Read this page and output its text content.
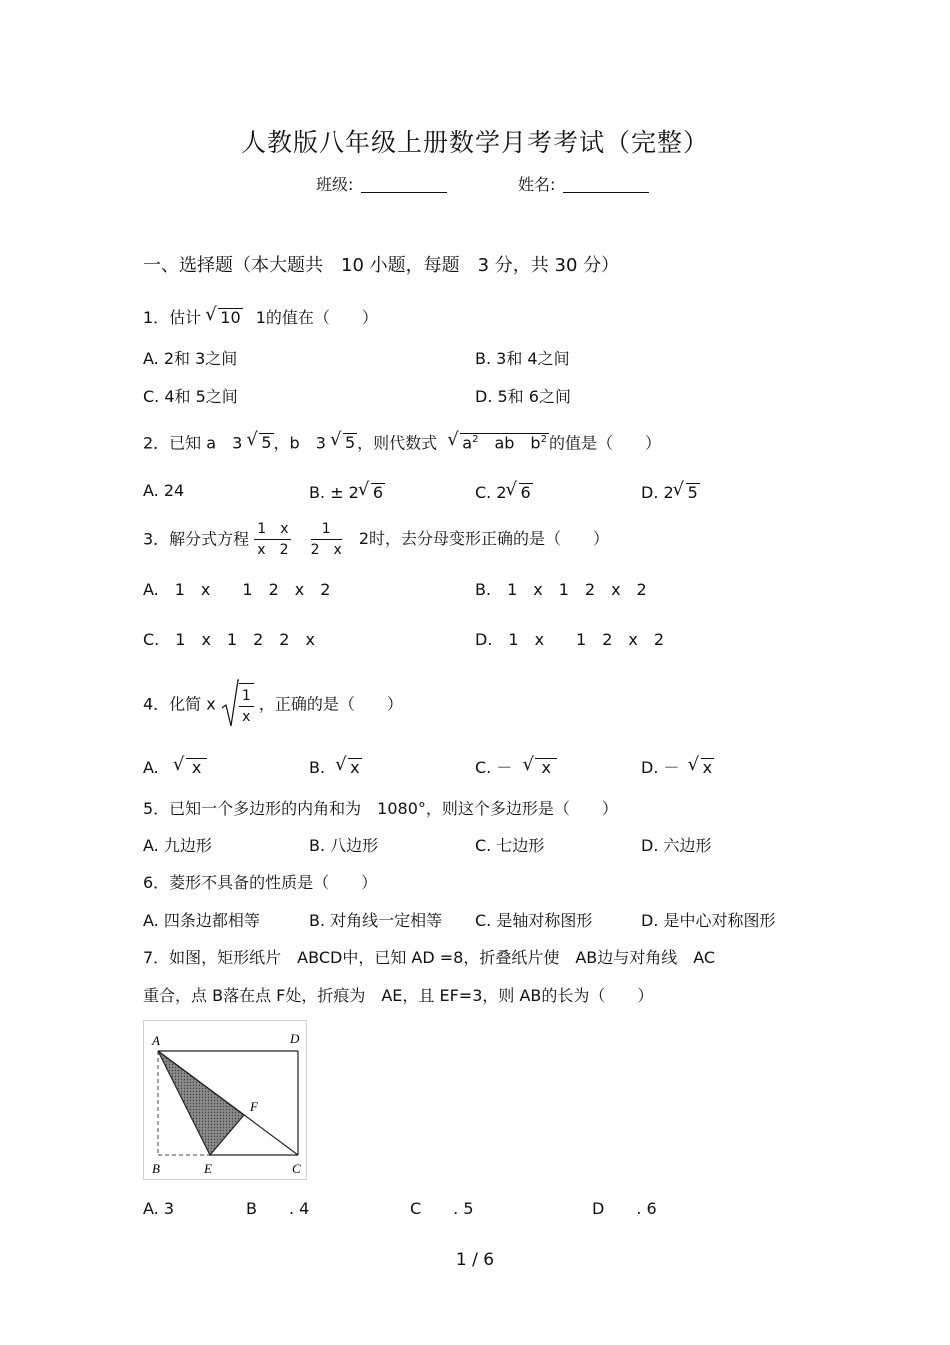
人教版八年级上册数学月考考试（完整）
班级:	姓名:
一、选择题（本大题共　10 小题，每题　3 分，共 30 分）
1．估计 √ 10 1的值在（　　）
A. 2和 3之间	B. 3和 4之间
C. 4和 5之间	D. 5和 6之间
2．已知 a　3 √ 5 ，b　3 √ 5 ，则代数式 √ $a^2$　ab　$b^2$ 的值是（　　）
A. 24	B. ± 2 √ 6	C. 2 √ 6	D. 2 √ 5
3．解分式方程 $\frac{1 x}{x 2}$
$\frac{1}{2 x} 2$时，去分母变形正确的是（　　）
A.　1　x　　1　2　x　2	B.　1　x　1　2　x　2
C.　1　x　1　2　2　x	D.　1　x　　1　2　x　2
4．化简 x $\frac{1}{x}$ ，正确的是（　　）
A. √ x	B. √ x	C. － √ x	D. － √ x
5．已知一个多边形的内角和为　1080°，则这个多边形是（　　）
A. 九边形	B. 八边形	C. 七边形	D. 六边形
6．菱形不具备的性质是（　　）
A. 四条边都相等	B. 对角线一定相等 C. 是轴对称图形	D. 是中心对称图形
7．如图，矩形纸片　ABCD中，已知 AD =8，折叠纸片使　AB边与对角线　AC
重合，点 B落在点 F处，折痕为　AE，且 EF=3，则 AB的长为（　　）
A	D
B	E	C
F
A. 3	B　　. 4	C　　. 5	D　　. 6
1 / 6
